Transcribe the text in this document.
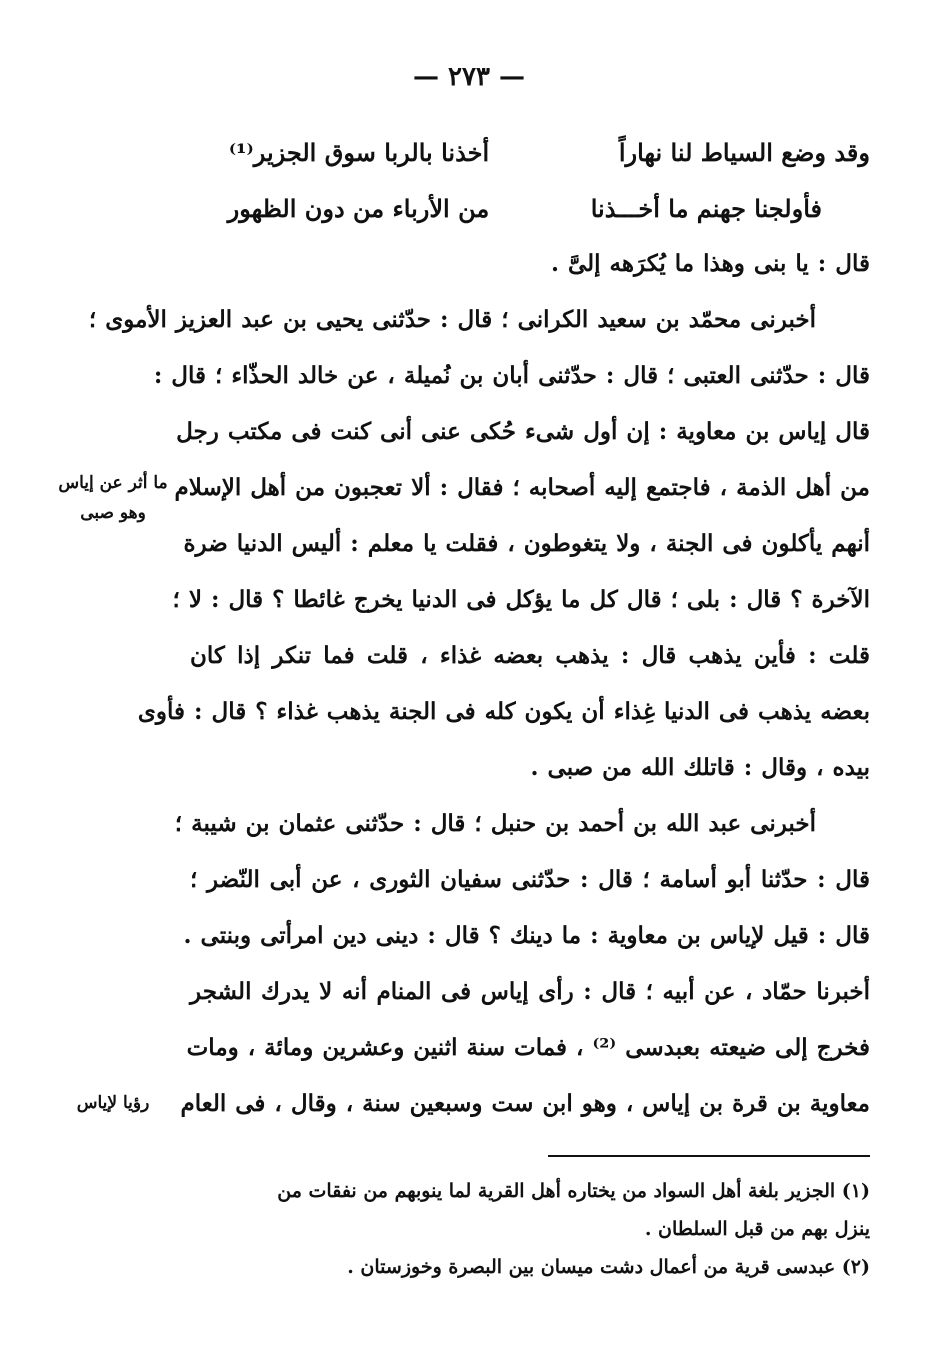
— ٢٧٣ —
وقد وضع السياط لنا نهاراً
أخذنا بالربا سوق الجزير⁽¹⁾
فأولجنا جهنم ما أخـــذنا
من الأرباء من دون الظهور
قال : يا بنى وهذا ما يُكرَهه إلىَّ .
أخبرنى محمّد بن سعيد الكرانى ؛ قال : حدّثنى يحيى بن عبد العزيز الأموى ؛
قال : حدّثنى العتبى ؛ قال : حدّثنى أبان بن نُميلة ، عن خالد الحذّاء ؛ قال :
قال إياس بن معاوية : إن أول شىء حُكى عنى أنى كنت فى مكتب رجل
من أهل الذمة ، فاجتمع إليه أصحابه ؛ فقال : ألا تعجبون من أهل الإسلام
أنهم يأكلون فى الجنة ، ولا يتغوطون ، فقلت يا معلم : أليس الدنيا ضرة
الآخرة ؟ قال : بلى ؛ قال كل ما يؤكل فى الدنيا يخرج غائطا ؟ قال : لا ؛
قلت : فأين يذهب قال : يذهب بعضه غذاء ، قلت فما تنكر إذا كان
بعضه يذهب فى الدنيا غِذاء أن يكون كله فى الجنة يذهب غذاء ؟ قال : فأوى
بيده ، وقال : قاتلك الله من صبى .
أخبرنى عبد الله بن أحمد بن حنبل ؛ قال : حدّثنى عثمان بن شيبة ؛
قال : حدّثنا أبو أسامة ؛ قال : حدّثنى سفيان الثورى ، عن أبى النّضر ؛
قال : قيل لإياس بن معاوية : ما دينك ؟ قال : دينى دين امرأتى وبنتى .
أخبرنا حمّاد ، عن أبيه ؛ قال : رأى إياس فى المنام أنه لا يدرك الشجر
فخرج إلى ضيعته بعبدسى ⁽²⁾ ، فمات سنة اثنين وعشرين ومائة ، ومات
معاوية بن قرة بن إياس ، وهو ابن ست وسبعين سنة ، وقال ، فى العام
ما أثر عن إياس
وهو صبى
رؤيا لإياس
(١) الجزير بلغة أهل السواد من يختاره أهل القرية لما ينوبهم من نفقات من
ينزل بهم من قبل السلطان .
(٢) عبدسى قرية من أعمال دشت ميسان بين البصرة وخوزستان .
